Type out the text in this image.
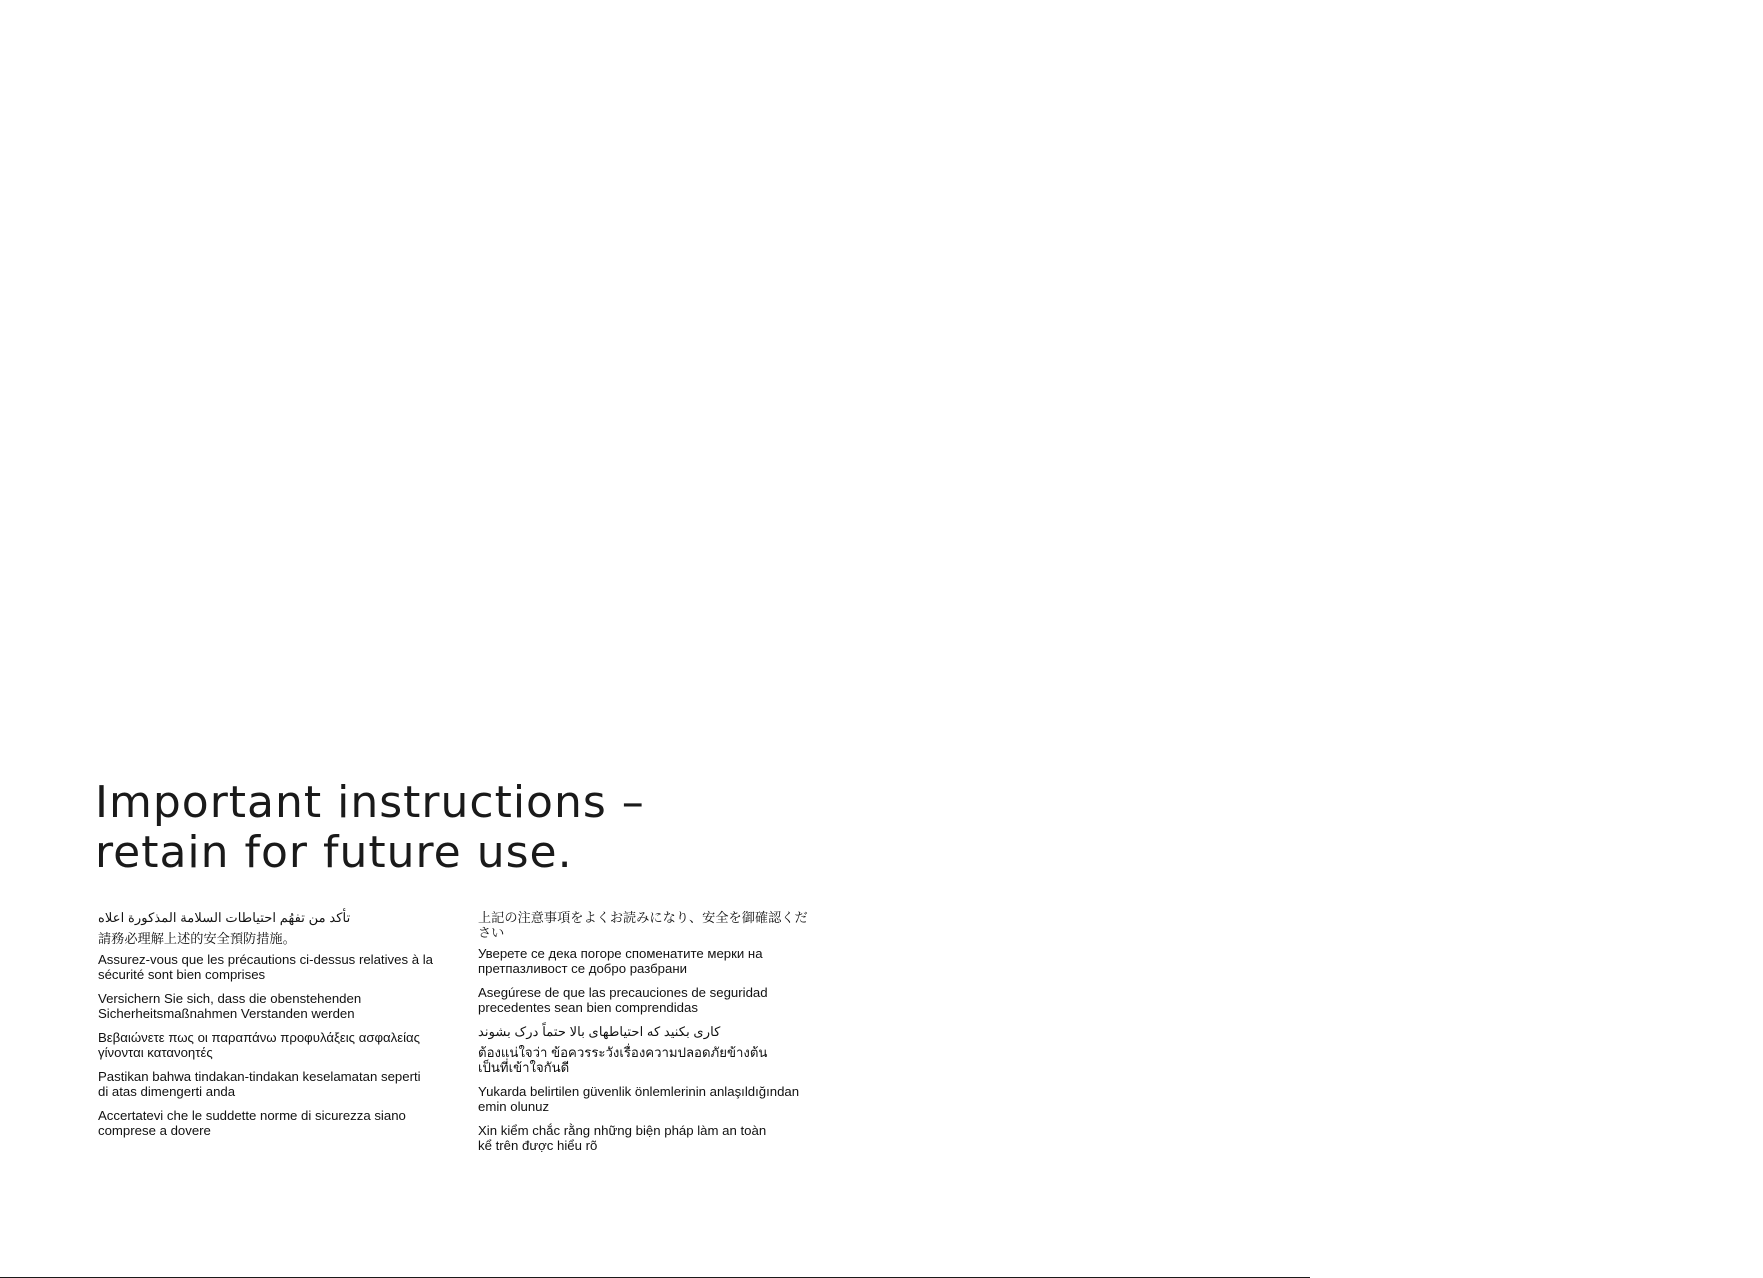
Important instructions –
retain for future use.

تأكد من تفهُم احتياطات السلامة المذكورة اعلاه

請務必理解上述的安全預防措施。

Assurez-vous que les précautions ci-dessus relatives à la
sécurité sont bien comprises

Versichern Sie sich, dass die obenstehenden
Sicherheitsmaßnahmen Verstanden werden

Βεβαιώνετε πως οι παραπάνω προφυλάξεις ασφαλείας
γίνονται κατανοητές

Pastikan bahwa tindakan-tindakan keselamatan seperti
di atas dimengerti anda

Accertatevi che le suddette norme di sicurezza siano
comprese a dovere

上記の注意事項をよくお読みになり、安全を御確認ください

Уверете се дека погоре споменатите мерки на
претпазливост се добро разбрани

Asegúrese de que las precauciones de seguridad
precedentes sean bien comprendidas

کاری بکنید که احتیاطهای بالا حتماً درک بشوند

ต้องแน่ใจว่า ข้อควรระวังเรื่องความปลอดภัยข้างต้น
เป็นที่เข้าใจกันดี

Yukarda belirtilen güvenlik önlemlerinin anlaşıldığından
emin olunuz

Xin kiểm chắc rằng những biện pháp làm an toàn
kể trên được hiểu rõ
